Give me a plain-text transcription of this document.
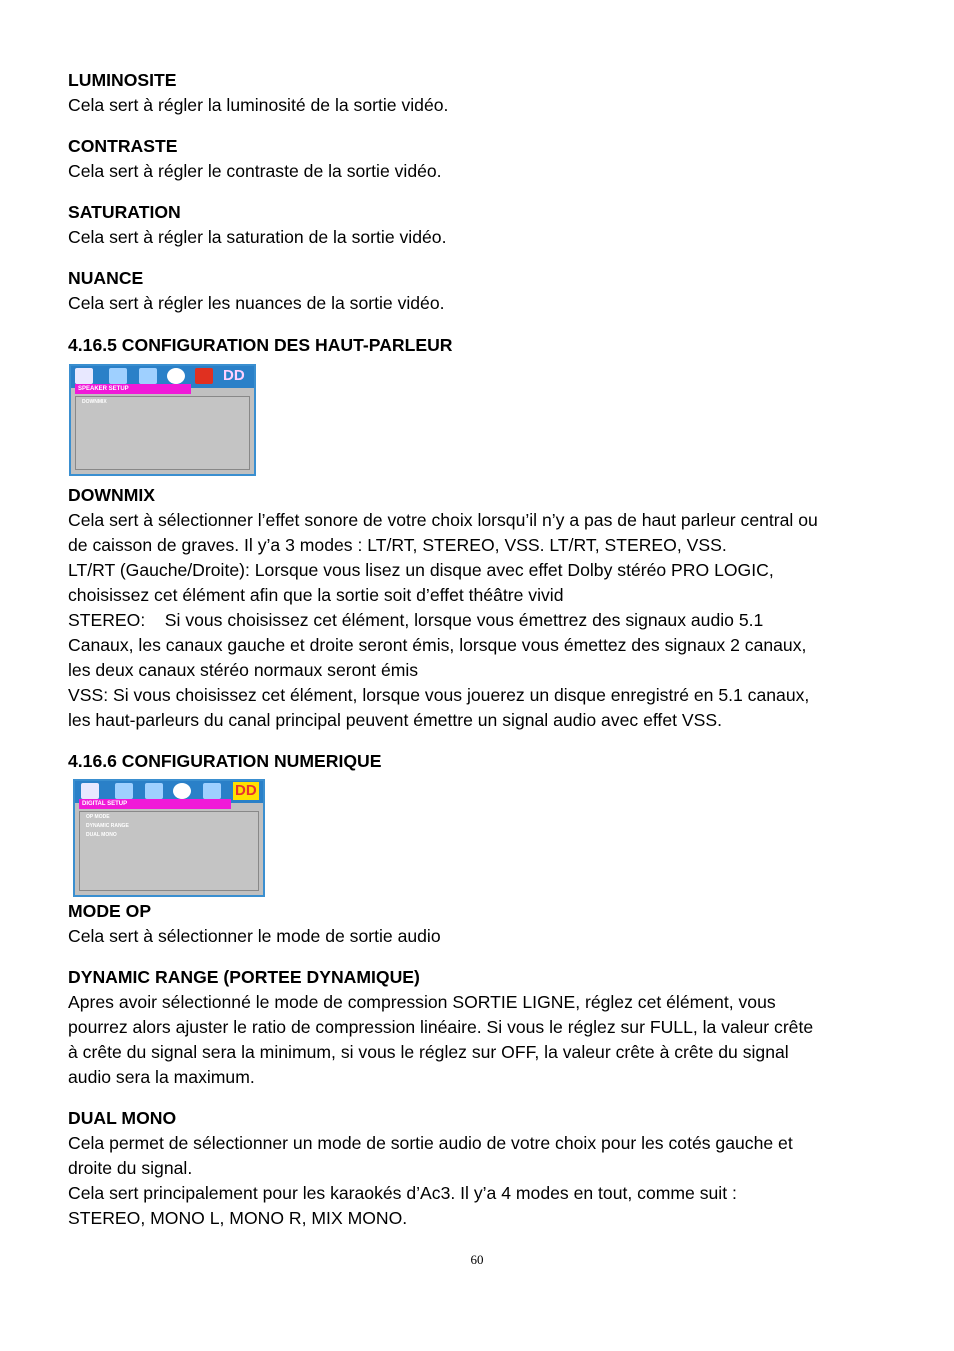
LUMINOSITE
Cela sert à régler la luminosité de la sortie vidéo.
CONTRASTE
Cela sert à régler le contraste de la sortie vidéo.
SATURATION
Cela sert à régler la saturation de la sortie vidéo.
NUANCE
Cela sert à régler les nuances de la sortie vidéo.
4.16.5 CONFIGURATION DES HAUT-PARLEUR
DD
SPEAKER SETUP
DOWNMIX
DOWNMIX
Cela sert à sélectionner l’effet sonore de votre choix lorsqu’il n’y a pas de haut parleur central ou
de caisson de graves. Il y’a 3 modes : LT/RT, STEREO, VSS. LT/RT, STEREO, VSS.
LT/RT (Gauche/Droite): Lorsque vous lisez un disque avec effet Dolby stéréo PRO LOGIC,
choisissez cet élément afin que la sortie soit d’effet théâtre vivid
STEREO:    Si vous choisissez cet élément, lorsque vous émettrez des signaux audio 5.1
Canaux, les canaux gauche et droite seront émis, lorsque vous émettez des signaux 2 canaux,
les deux canaux stéréo normaux seront émis
VSS: Si vous choisissez cet élément, lorsque vous jouerez un disque enregistré en 5.1 canaux,
les haut-parleurs du canal principal peuvent émettre un signal audio avec effet VSS.
4.16.6 CONFIGURATION NUMERIQUE
DD
DIGITAL SETUP
OP MODE
DYNAMIC RANGE
DUAL MONO
MODE OP
Cela sert à sélectionner le mode de sortie audio
DYNAMIC RANGE (PORTEE DYNAMIQUE)
Apres avoir sélectionné le mode de compression SORTIE LIGNE, réglez cet élément, vous
pourrez alors ajuster le ratio de compression linéaire. Si vous le réglez sur FULL, la valeur crête
à crête du signal sera la minimum, si vous le réglez sur OFF, la valeur crête à crête du signal
audio sera la maximum.
DUAL MONO
Cela permet de sélectionner un mode de sortie audio de votre choix pour les cotés gauche et
droite du signal.
Cela sert principalement pour les karaokés d’Ac3. Il y’a 4 modes en tout, comme suit :
STEREO, MONO L, MONO R, MIX MONO.
60
